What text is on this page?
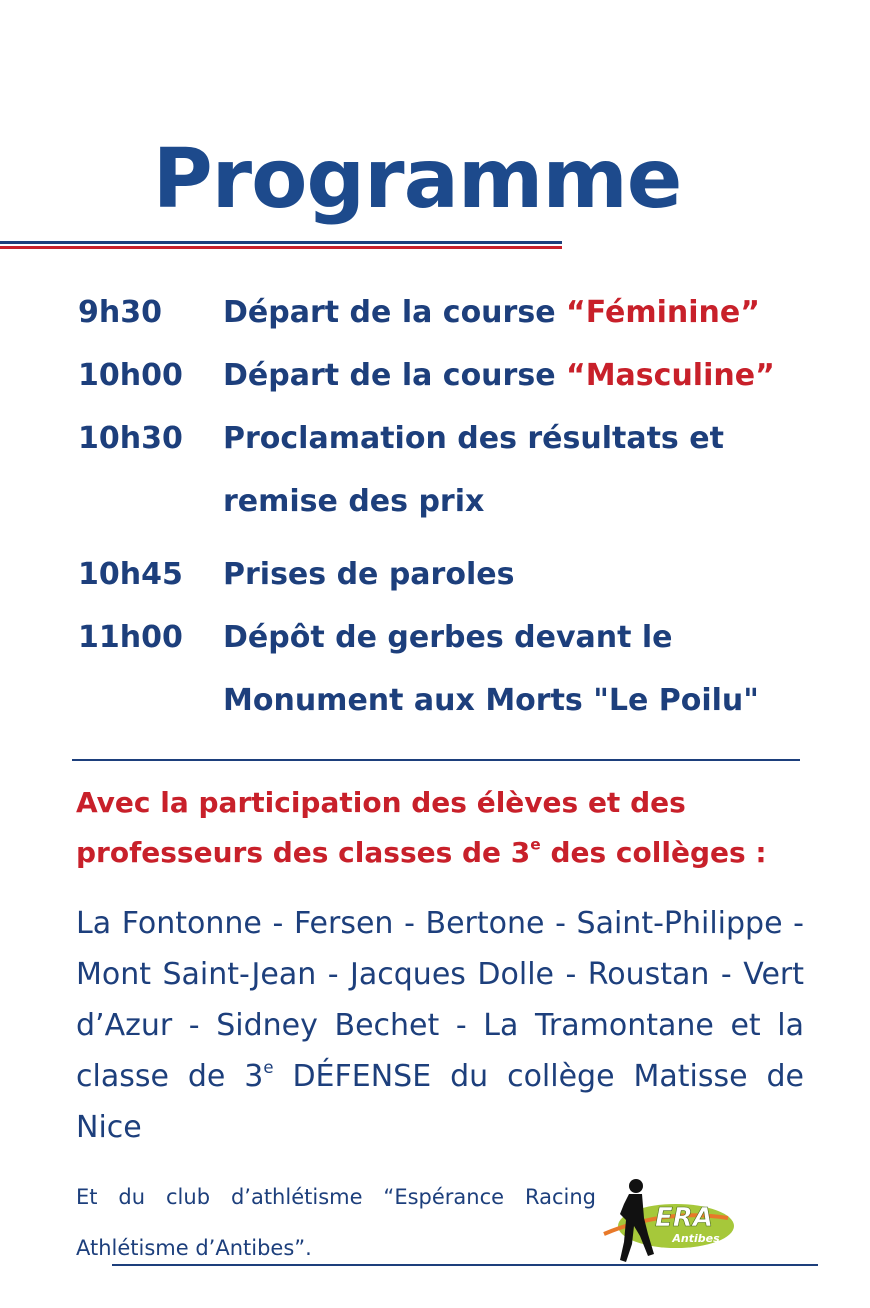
Programme
9h30 Départ de la course “Féminine”
10h00 Départ de la course “Masculine”
10h30 Proclamation des résultats et
remise des prix
10h45 Prises de paroles
11h00 Dépôt de gerbes devant le
Monument aux Morts "Le Poilu"
Avec la participation des élèves et des
professeurs des classes de 3e des collèges :
La Fontonne - Fersen - Bertone - Saint-Philippe - Mont Saint-Jean - Jacques Dolle - Roustan - Vert d’Azur - Sidney Bechet - La Tramontane et la classe de 3e DÉFENSE du collège Matisse de Nice
Et du club d’athlétisme “Espérance Racing Athlétisme d’Antibes”.
ERA
Antibes
